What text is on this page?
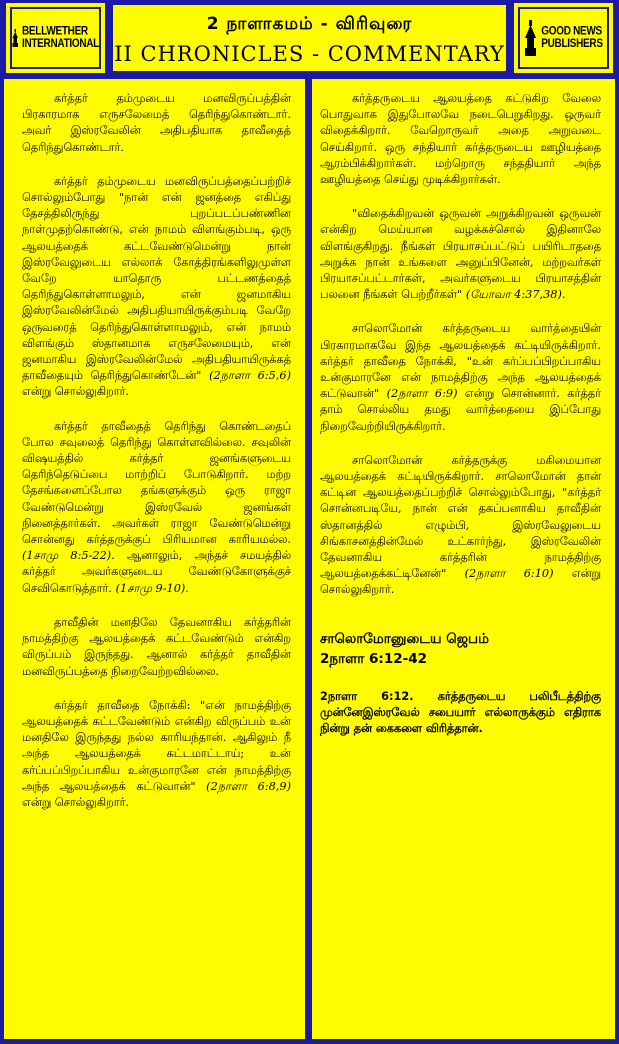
BELLWETHER
INTERNATIONAL
2 நாளாகமம் - விரிவுரை
II CHRONICLES - COMMENTARY
GOOD NEWS
PUBLISHERS

கர்த்தர் தம்முடைய மனவிருப்பத்தின் பிரகாரமாக எருசலேமைத் தெரிந்துகொண்டார். அவர் இஸ்ரவேலின் அதிபதியாக தாவீதைத் தெரிந்துகொண்டார்.

கர்த்தர் தம்முடைய மனவிருப்பத்தைப்பற்றிச் சொல்லும்போது "நான் என் ஜனத்தை எகிப்து தேசத்திலிருந்து புறப்படப்பண்ணின நாள்முதற்கொண்டு, என் நாமம் விளங்கும்படி, ஒரு ஆலயத்தைக் கட்டவேண்டுமென்று நான் இஸ்ரவேலுடைய எல்லாக் கோத்திரங்களிலுமுள்ள வேறே யாதொரு பட்டணத்தைத் தெரிந்துகொள்ளாமலும், என் ஜனமாகிய இஸ்ரவேலின்மேல் அதிபதியாயிருக்கும்படி வேறே ஒருவரைத் தெரிந்துகொள்ளாமலும், என் நாமம் விளங்கும் ஸ்தானமாக எருசலேமையும், என் ஜனமாகிய இஸ்ரவேலின்மேல் அதிபதியாயிருக்கத் தாவீதையும் தெரிந்துகொண்டேன்" (2நாளா 6:5,6) என்று சொல்லுகிறார்.

கர்த்தர் தாவீதைத் தெரிந்து கொண்டதைப் போல சவுலைத் தெரிந்து கொள்ளவில்லை. சவுலின் விஷயத்தில் கர்த்தர் ஜனங்களுடைய தெரிந்தெடுப்பை மாற்றிப் போடுகிறார். மற்ற தேசங்களைப்போல தங்களுக்கும் ஒரு ராஜா வேண்டுமென்று இஸ்ரவேல் ஜனங்கள் நினைத்தார்கள். அவர்கள் ராஜா வேண்டுமென்று சொன்னது கர்த்தருக்குப் பிரியமான காரியமல்ல. (1சாமு 8:5-22). ஆனாலும், அந்தச் சமயத்தில் கர்த்தர் அவர்களுடைய வேண்டுகோளுக்குச் செவிகொடுத்தார். (1சாமு 9-10).

தாவீதின் மனதிலே தேவனாகிய கர்த்தரின் நாமத்திற்கு ஆலயத்தைக் கட்டவேண்டும் என்கிற விருப்பம் இருந்தது. ஆனால் கர்த்தர் தாவீதின் மனவிருப்பத்தை நிறைவேற்றவில்லை.

கர்த்தர் தாவீதை நோக்கி: "என் நாமத்திற்கு ஆலயத்தைக் கட்டவேண்டும் என்கிற விருப்பம் உன் மனதிலே இருந்தது நல்ல காரியந்தான். ஆகிலும் நீ அந்த ஆலயத்தைக் கட்டமாட்டாய்; உன் கர்ப்பப்பிறப்பாகிய உன்குமாரனே என் நாமத்திற்கு அந்த ஆலயத்தைக் கட்டுவான்" (2நாளா 6:8,9) என்று சொல்லுகிறார்.

கர்த்தருடைய ஆலயத்தை கட்டுகிற வேலை பொதுவாக இதுபோலவே நடைபெறுகிறது. ஒருவர் விதைக்கிறார். வேறொருவர் அதை அறுவடை செய்கிறார். ஒரு சந்தியார் கர்த்தருடைய ஊழியத்தை ஆரம்பிக்கிறார்கள். மற்றொரு சந்ததியார் அந்த ஊழியத்தை செய்து முடிக்கிறார்கள்.

"விதைக்கிறவன் ஒருவன் அறுக்கிறவன் ஒருவன் என்கிற மெய்யான வழக்கச்சொல் இதினாலே விளங்குகிறது. நீங்கள் பிரயாசப்பட்டுப் பயிரிடாததை அறுக்க நான் உங்களை அனுப்பினேன், மற்றவர்கள் பிரயாசப்பட்டார்கள், அவர்களுடைய பிரயாசத்தின் பலனை நீங்கள் பெற்றீர்கள்" (யோவா 4:37,38).

சாலொமோன் கர்த்தருடைய வார்த்தையின் பிரகாரமாகவே இந்த ஆலயத்தைக் கட்டியிருக்கிறார். கர்த்தர் தாவீதை நோக்கி, "உன் கர்ப்பப்பிறப்பாகிய உன்குமாரனே என் நாமத்திற்கு அந்த ஆலயத்தைக் கட்டுவான்" (2நாளா 6:9) என்று சொன்னார். கர்த்தர் தாம் சொல்லிய தமது வார்த்தையை இப்போது நிறைவேற்றியிருக்கிறார்.

சாலொமோன் கர்த்தருக்கு மகிமையான ஆலயத்தைக் கட்டியிருக்கிறார். சாலொமோன் தான் கட்டின ஆலயத்தைப்பற்றிச் சொல்லும்போது, "கர்த்தர் சொன்னபடியே, நான் என் தகப்பனாகிய தாவீதின் ஸ்தானத்தில் எழும்பி, இஸ்ரவேலுடைய சிங்காசனத்தின்மேல் உட்கார்ந்து, இஸ்ரவேலின் தேவனாகிய கர்த்தரின் நாமத்திற்கு ஆலயத்தைக்கட்டினேன்" (2நாளா 6:10) என்று சொல்லுகிறார்.

சாலொமோனுடைய ஜெபம்
2நாளா 6:12-42

2நாளா 6:12. கர்த்தருடைய பலிபீடத்திற்கு முன்னேஇஸ்ரவேல் சபையார் எல்லாருக்கும் எதிராக நின்று தன் கைகளை விரித்தான்.
